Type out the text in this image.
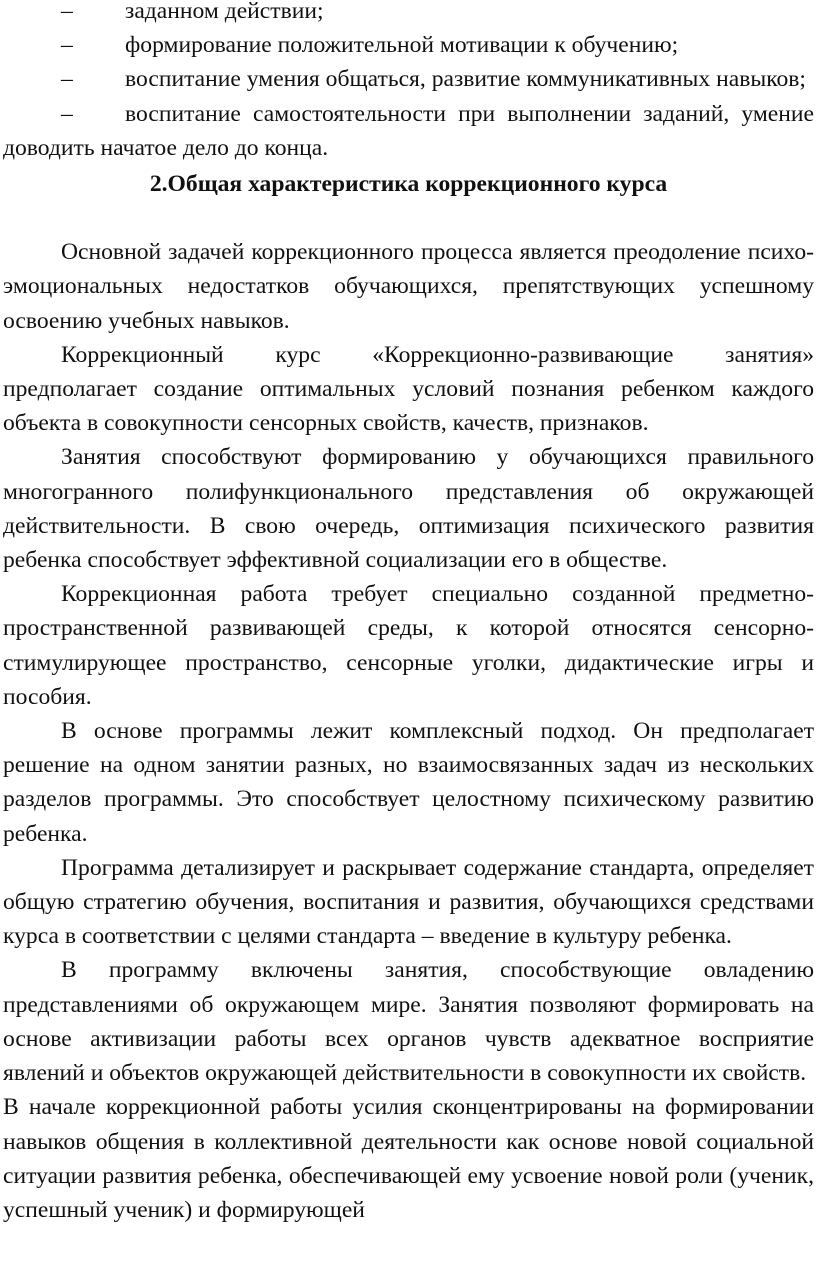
– заданном действии;

– формирование положительной мотивации к обучению;

– воспитание умения общаться, развитие коммуникативных навыков;

– воспитание самостоятельности при выполнении заданий, умение доводить начатое дело до конца.

2.Общая характеристика коррекционного курса

Основной задачей коррекционного процесса является преодоление психо-эмоциональных недостатков обучающихся, препятствующих успешному освоению учебных навыков.

Коррекционный курс «Коррекционно-развивающие занятия» предполагает создание оптимальных условий познания ребенком каждого объекта в совокупности сенсорных свойств, качеств, признаков.

Занятия способствуют формированию у обучающихся правильного многогранного полифункционального представления об окружающей действительности. В свою очередь, оптимизация психического развития ребенка способствует эффективной социализации его в обществе.

Коррекционная работа требует специально созданной предметно-пространственной развивающей среды, к которой относятся сенсорно-стимулирующее пространство, сенсорные уголки, дидактические игры и пособия.

В основе программы лежит комплексный подход. Он предполагает решение на одном занятии разных, но взаимосвязанных задач из нескольких разделов программы. Это способствует целостному психическому развитию ребенка.

Программа детализирует и раскрывает содержание стандарта, определяет общую стратегию обучения, воспитания и развития, обучающихся средствами курса в соответствии с целями стандарта – введение в культуру ребенка.

В программу включены занятия, способствующие овладению представлениями об окружающем мире. Занятия позволяют формировать на основе активизации работы всех органов чувств адекватное восприятие явлений и объектов окружающей действительности в совокупности их свойств.

В начале коррекционной работы усилия сконцентрированы на формировании навыков общения в коллективной деятельности как основе новой социальной ситуации развития ребенка, обеспечивающей ему усвоение новой роли (ученик, успешный ученик) и формирующей
